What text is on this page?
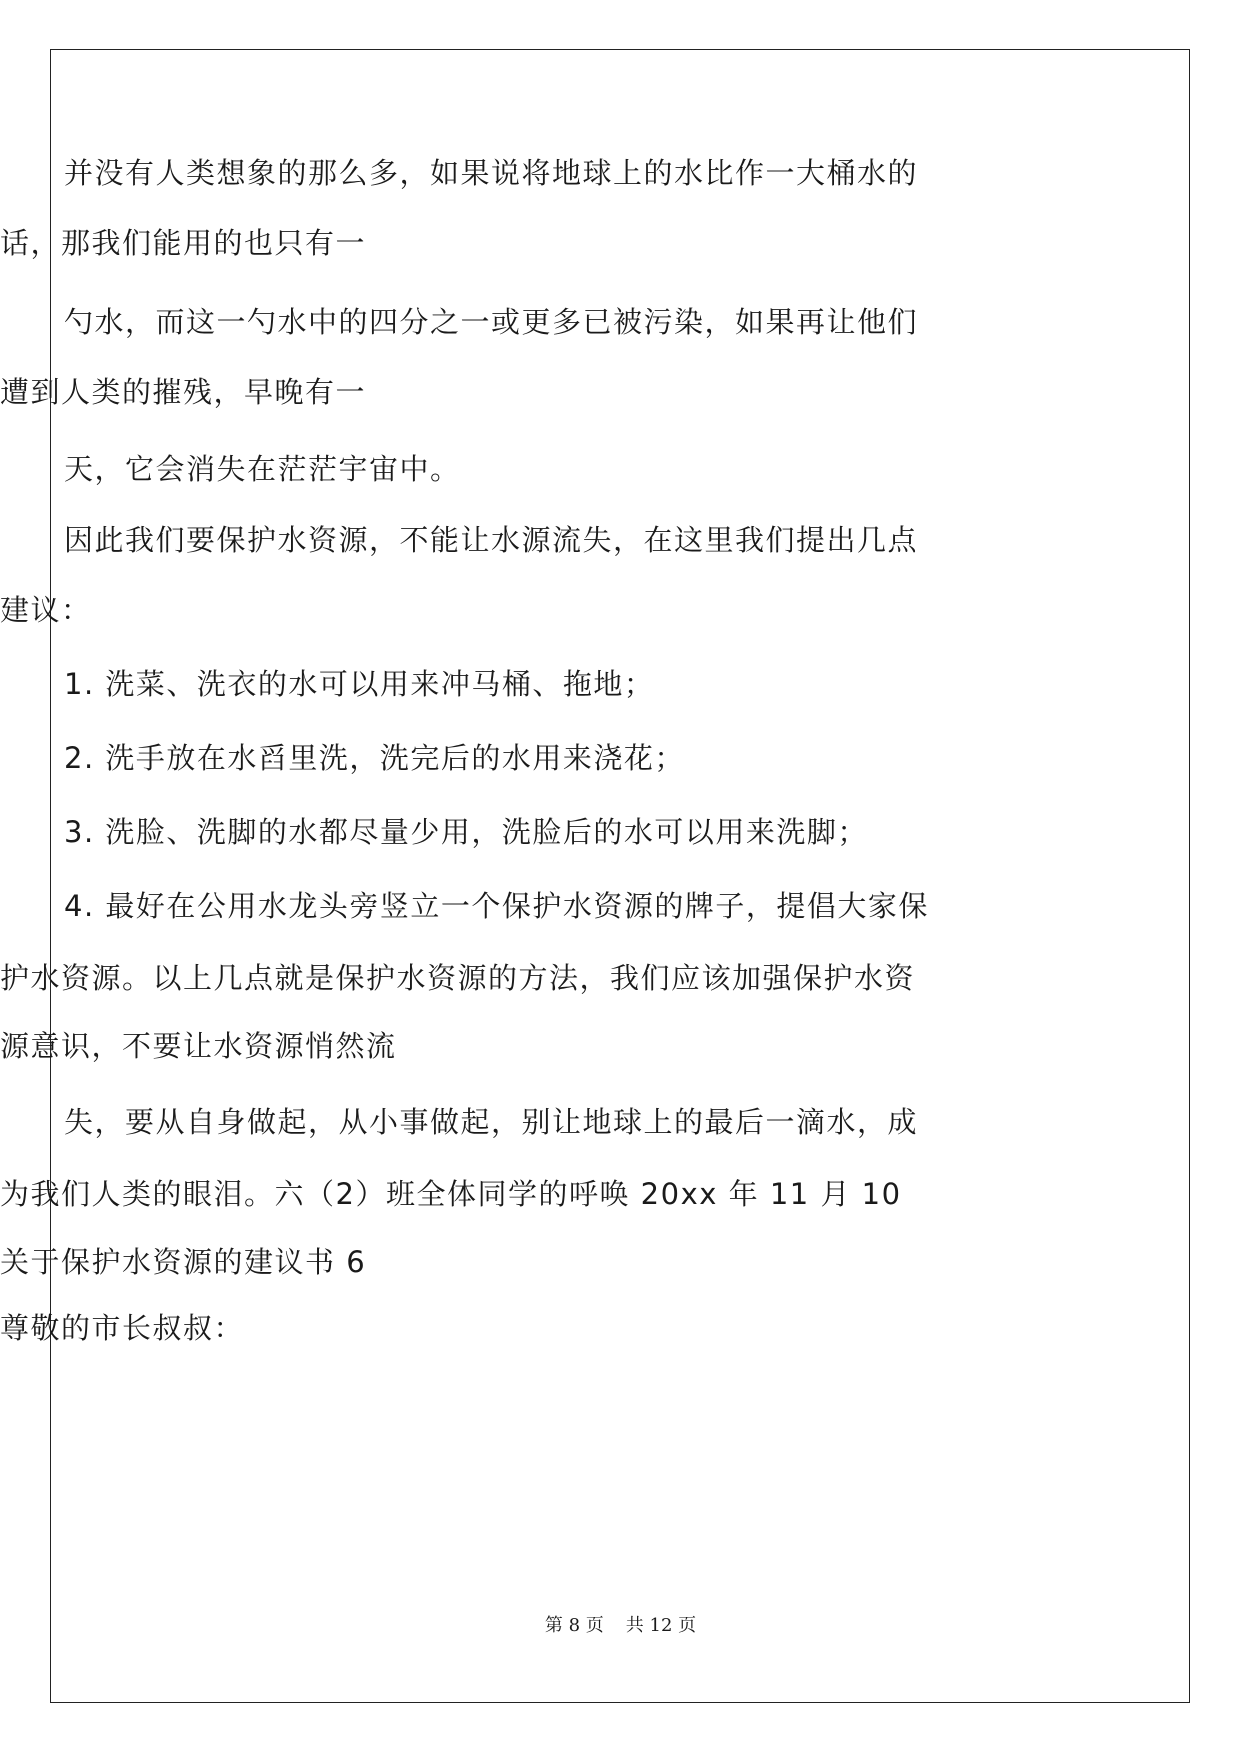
并没有人类想象的那么多，如果说将地球上的水比作一大桶水的
话，那我们能用的也只有一
勺水，而这一勺水中的四分之一或更多已被污染，如果再让他们
遭到人类的摧残，早晚有一
天，它会消失在茫茫宇宙中。
因此我们要保护水资源，不能让水源流失，在这里我们提出几点
建议：
1. 洗菜、洗衣的水可以用来冲马桶、拖地；
2. 洗手放在水舀里洗，洗完后的水用来浇花；
3. 洗脸、洗脚的水都尽量少用，洗脸后的水可以用来洗脚；
4. 最好在公用水龙头旁竖立一个保护水资源的牌子，提倡大家保
护水资源。以上几点就是保护水资源的方法，我们应该加强保护水资
源意识，不要让水资源悄然流
失，要从自身做起，从小事做起，别让地球上的最后一滴水，成
为我们人类的眼泪。六（2）班全体同学的呼唤 20xx 年 11 月 10
关于保护水资源的建议书 6
尊敬的市长叔叔：
第 8 页 共 12 页
